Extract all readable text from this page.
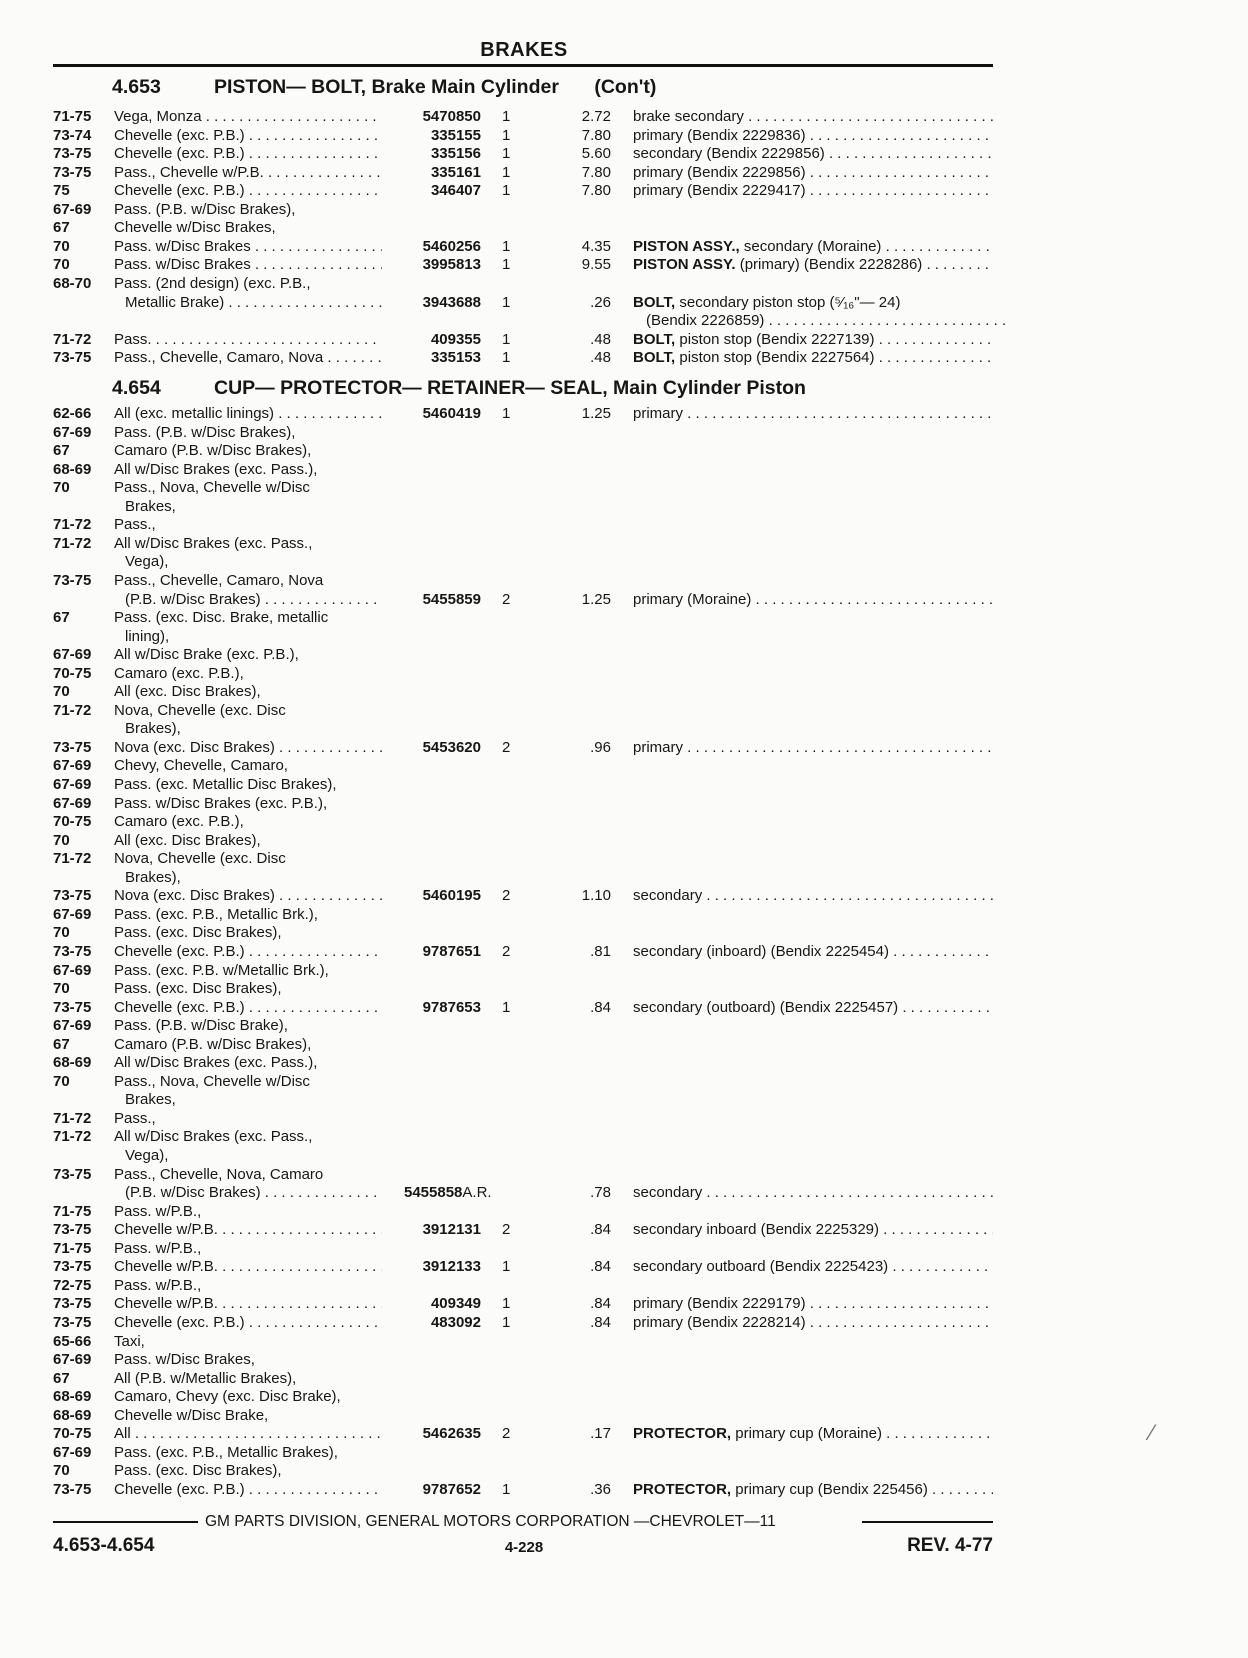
BRAKES
4.653	PISTON— BOLT, Brake Main Cylinder (Con't)
4.654	CUP— PROTECTOR— RETAINER— SEAL, Main Cylinder Piston
71-75 Vega, Monza . . .	5470850 1	2.72 brake secondary . . .
73-74 Chevelle (exc. P.B.) . . .	335155 1	7.80 primary (Bendix 2229836) . . .
73-75 Chevelle (exc. P.B.) . . .	335156 1	5.60 secondary (Bendix 2229856) . . .
73-75 Pass., Chevelle w/P.B. . . .	335161 1	7.80 primary (Bendix 2229856) . . .
75	Chevelle (exc. P.B.) . . .	346407 1	7.80 primary (Bendix 2229417) . . .
67-69 Pass. (P.B. w/Disc Brakes),
67	Chevelle w/Disc Brakes,
70	Pass. w/Disc Brakes . . .	5460256 1	4.35 PISTON ASSY., secondary (Moraine) . . .
70	Pass. w/Disc Brakes . . .	3995813 1	9.55 PISTON ASSY. (primary) (Bendix 2228286) . . .
68-70 Pass. (2nd design) (exc. P.B.,
Metallic Brake) . . .	3943688 1	.26 BOLT, secondary piston stop (⁵⁄₁₆"— 24)
(Bendix 2226859) . . .
71-72 Pass. . . .	409355 1	.48 BOLT, piston stop (Bendix 2227139) . . .
73-75 Pass., Chevelle, Camaro, Nova . . .	335153 1	.48 BOLT, piston stop (Bendix 2227564) . . .
62-66 All (exc. metallic linings) . . .	5460419 1	1.25 primary . . .
67-69 Pass. (P.B. w/Disc Brakes),
67	Camaro (P.B. w/Disc Brakes),
68-69 All w/Disc Brakes (exc. Pass.),
70	Pass., Nova, Chevelle w/Disc
Brakes,
71-72 Pass.,
71-72 All w/Disc Brakes (exc. Pass.,
Vega),
73-75 Pass., Chevelle, Camaro, Nova
(P.B. w/Disc Brakes) . . .	5455859 2	1.25 primary (Moraine) . . .
67	Pass. (exc. Disc. Brake, metallic
lining),
67-69 All w/Disc Brake (exc. P.B.),
70-75 Camaro (exc. P.B.),
70	All (exc. Disc Brakes),
71-72 Nova, Chevelle (exc. Disc
Brakes),
73-75 Nova (exc. Disc Brakes) . . .	5453620 2	.96 primary . . .
67-69 Chevy, Chevelle, Camaro,
67-69 Pass. (exc. Metallic Disc Brakes),
67-69 Pass. w/Disc Brakes (exc. P.B.),
70-75 Camaro (exc. P.B.),
70	All (exc. Disc Brakes),
71-72 Nova, Chevelle (exc. Disc
Brakes),
73-75 Nova (exc. Disc Brakes) . . .	5460195 2	1.10 secondary . . .
67-69 Pass. (exc. P.B., Metallic Brk.),
70	Pass. (exc. Disc Brakes),
73-75 Chevelle (exc. P.B.) . . .	9787651 2	.81 secondary (inboard) (Bendix 2225454) . . .
67-69 Pass. (exc. P.B. w/Metallic Brk.),
70	Pass. (exc. Disc Brakes),
73-75 Chevelle (exc. P.B.) . . .	9787653 1	.84 secondary (outboard) (Bendix 2225457) . . .
67-69 Pass. (P.B. w/Disc Brake),
67	Camaro (P.B. w/Disc Brakes),
68-69 All w/Disc Brakes (exc. Pass.),
70	Pass., Nova, Chevelle w/Disc
Brakes,
71-72 Pass.,
71-72 All w/Disc Brakes (exc. Pass.,
Vega),
73-75 Pass., Chevelle, Nova, Camaro
(P.B. w/Disc Brakes) . . .	5455858A.R.	.78 secondary . . .
71-75 Pass. w/P.B.,
73-75 Chevelle w/P.B. . . .	3912131 2	.84 secondary inboard (Bendix 2225329) . . .
71-75 Pass. w/P.B.,
73-75 Chevelle w/P.B. . . .	3912133 1	.84 secondary outboard (Bendix 2225423) . . .
72-75 Pass. w/P.B.,
73-75 Chevelle w/P.B. . . .	409349 1	.84 primary (Bendix 2229179) . . .
73-75 Chevelle (exc. P.B.) . . .	483092 1	.84 primary (Bendix 2228214) . . .
65-66 Taxi,
67-69 Pass. w/Disc Brakes,
67	All (P.B. w/Metallic Brakes),
68-69 Camaro, Chevy (exc. Disc Brake),
68-69 Chevelle w/Disc Brake,
70-75 All . . .	5462635 2	.17 PROTECTOR, primary cup (Moraine) . . .
67-69 Pass. (exc. P.B., Metallic Brakes),
70	Pass. (exc. Disc Brakes),
73-75 Chevelle (exc. P.B.) . . .	9787652 1	.36 PROTECTOR, primary cup (Bendix 225456) . . .
GM PARTS DIVISION, GENERAL MOTORS CORPORATION —CHEVROLET—11
4.653-4.654	4-228	REV. 4-77
⁄
